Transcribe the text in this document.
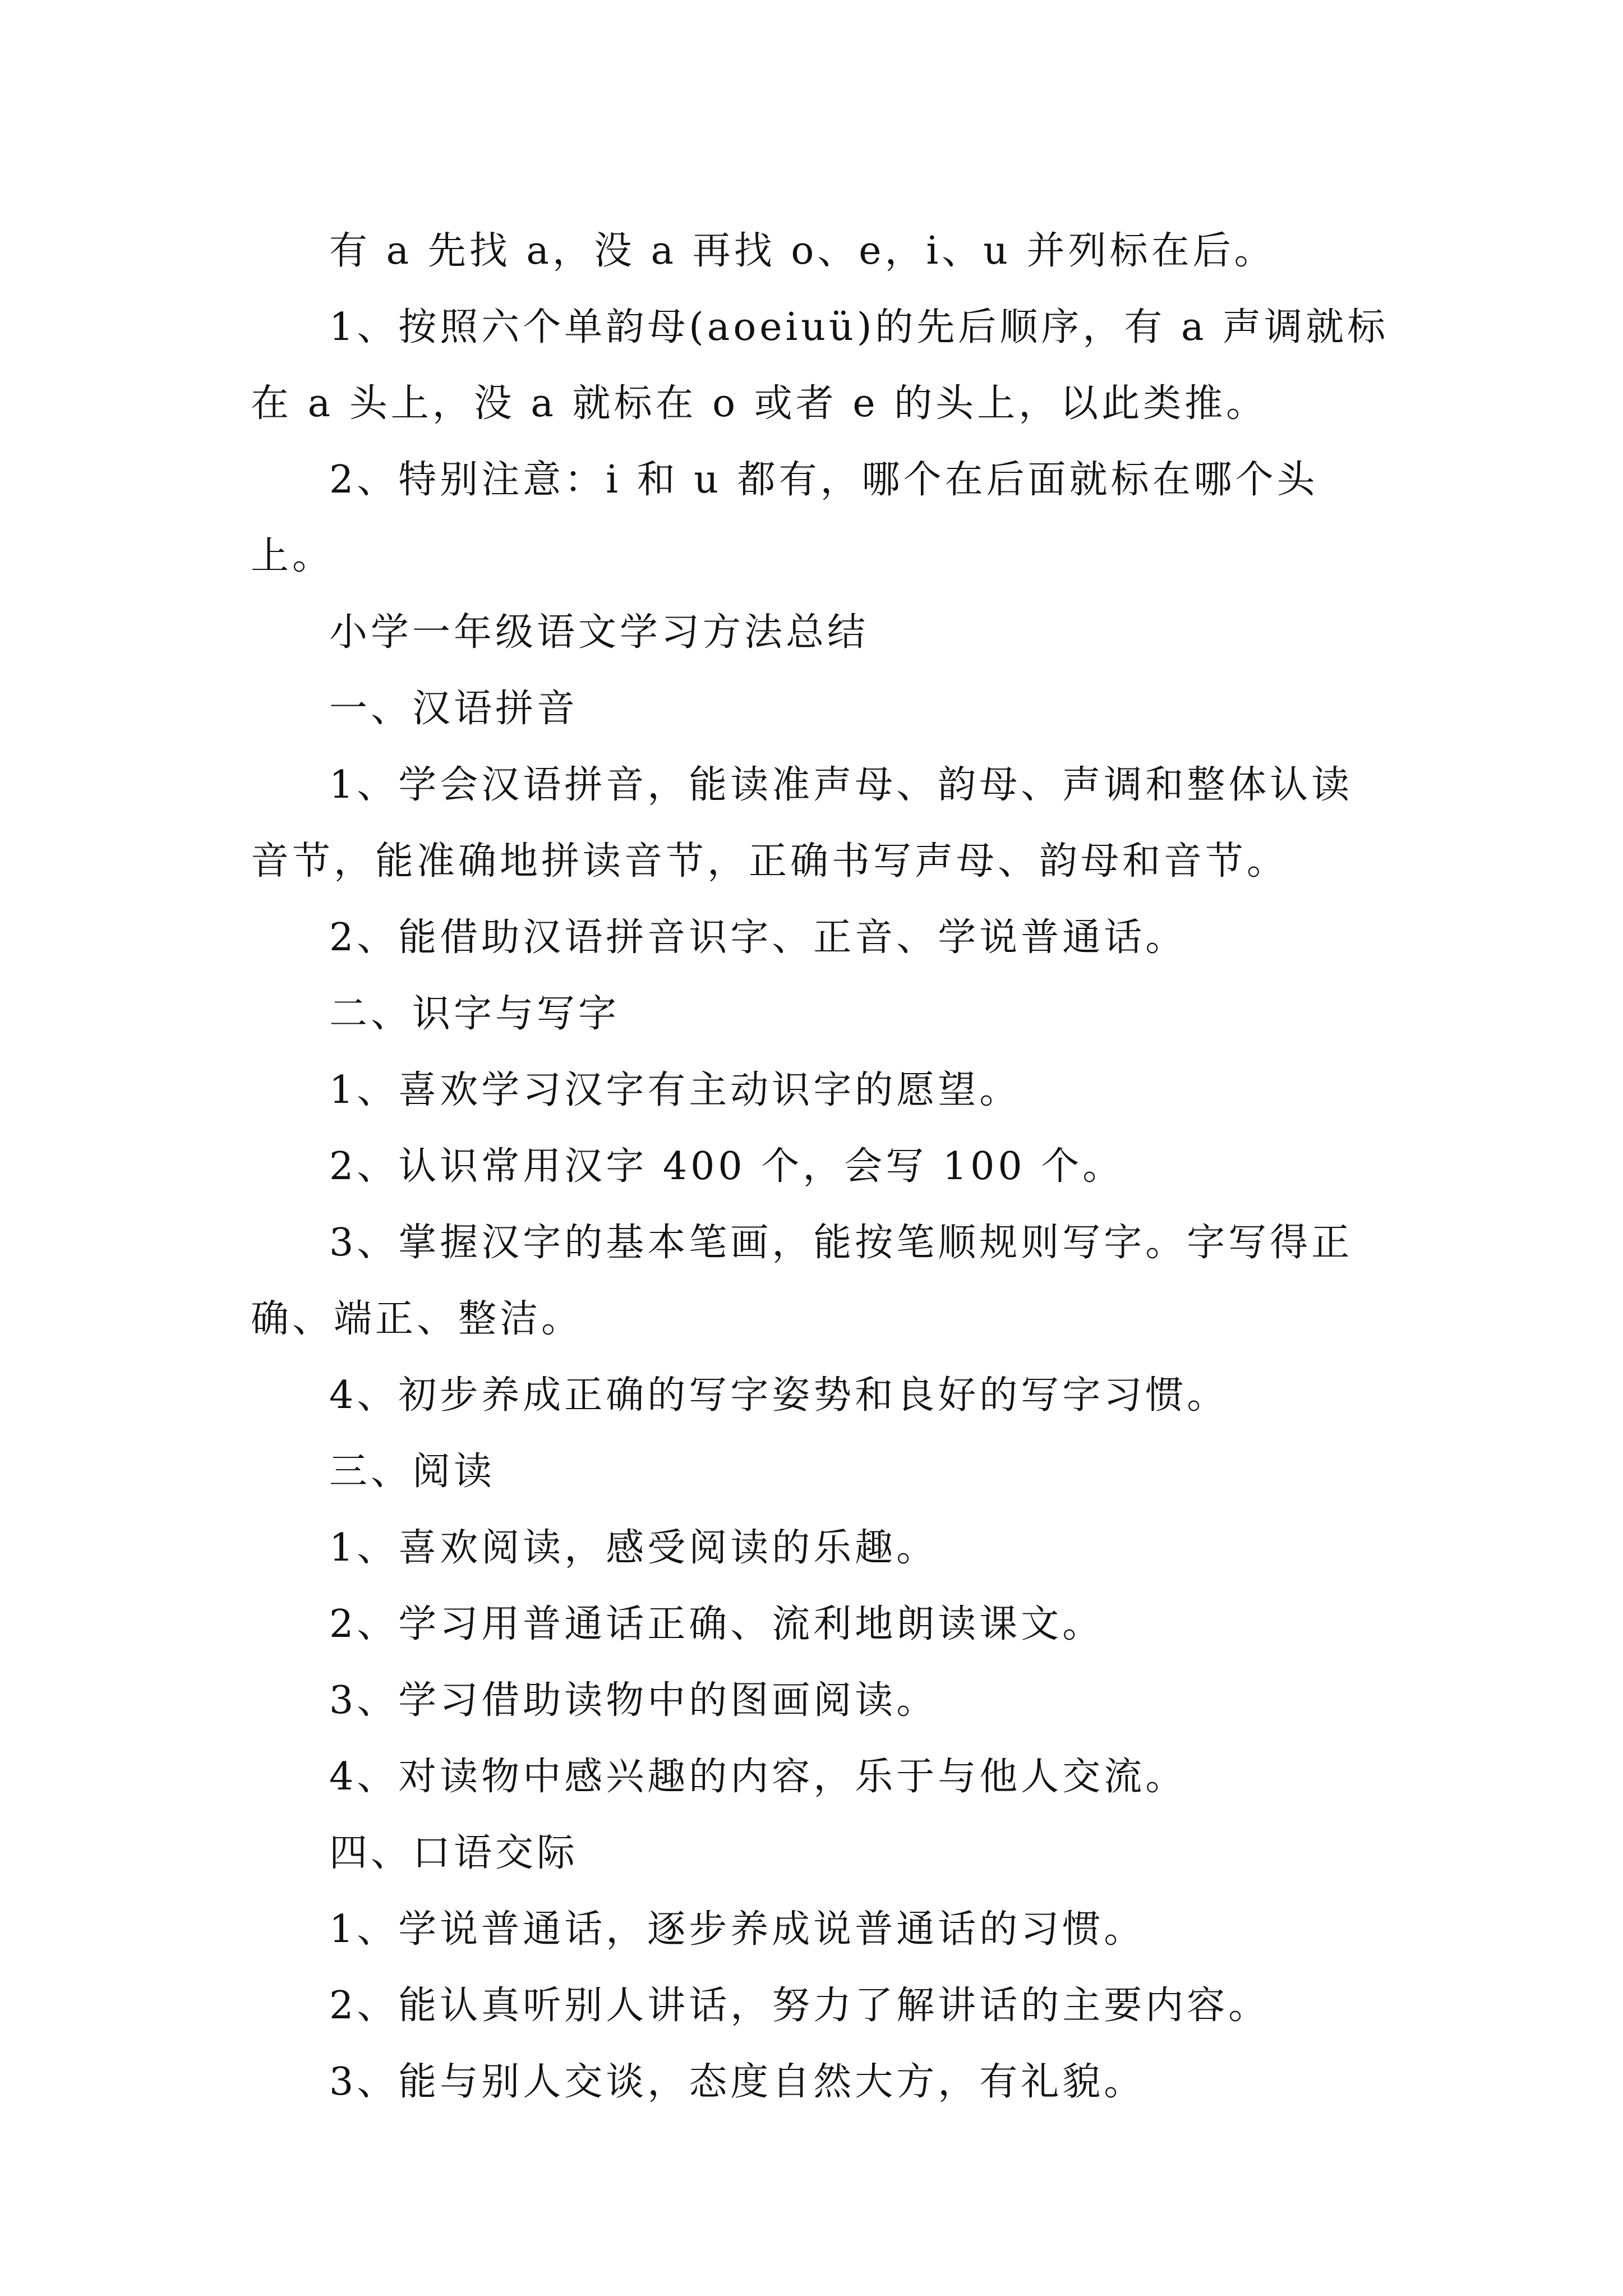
有 a 先找 a，没 a 再找 o、e，i、u 并列标在后。

1、按照六个单韵母(aoeiuü)的先后顺序，有 a 声调就标在 a 头上，没 a 就标在 o 或者 e 的头上，以此类推。

2、特别注意：i 和 u 都有，哪个在后面就标在哪个头上。

小学一年级语文学习方法总结

一、汉语拼音

1、学会汉语拼音，能读准声母、韵母、声调和整体认读音节，能准确地拼读音节，正确书写声母、韵母和音节。

2、能借助汉语拼音识字、正音、学说普通话。

二、识字与写字

1、喜欢学习汉字有主动识字的愿望。

2、认识常用汉字 400 个，会写 100 个。

3、掌握汉字的基本笔画，能按笔顺规则写字。字写得正确、端正、整洁。

4、初步养成正确的写字姿势和良好的写字习惯。

三、阅读

1、喜欢阅读，感受阅读的乐趣。

2、学习用普通话正确、流利地朗读课文。

3、学习借助读物中的图画阅读。

4、对读物中感兴趣的内容，乐于与他人交流。

四、口语交际

1、学说普通话，逐步养成说普通话的习惯。

2、能认真听别人讲话，努力了解讲话的主要内容。

3、能与别人交谈，态度自然大方，有礼貌。
